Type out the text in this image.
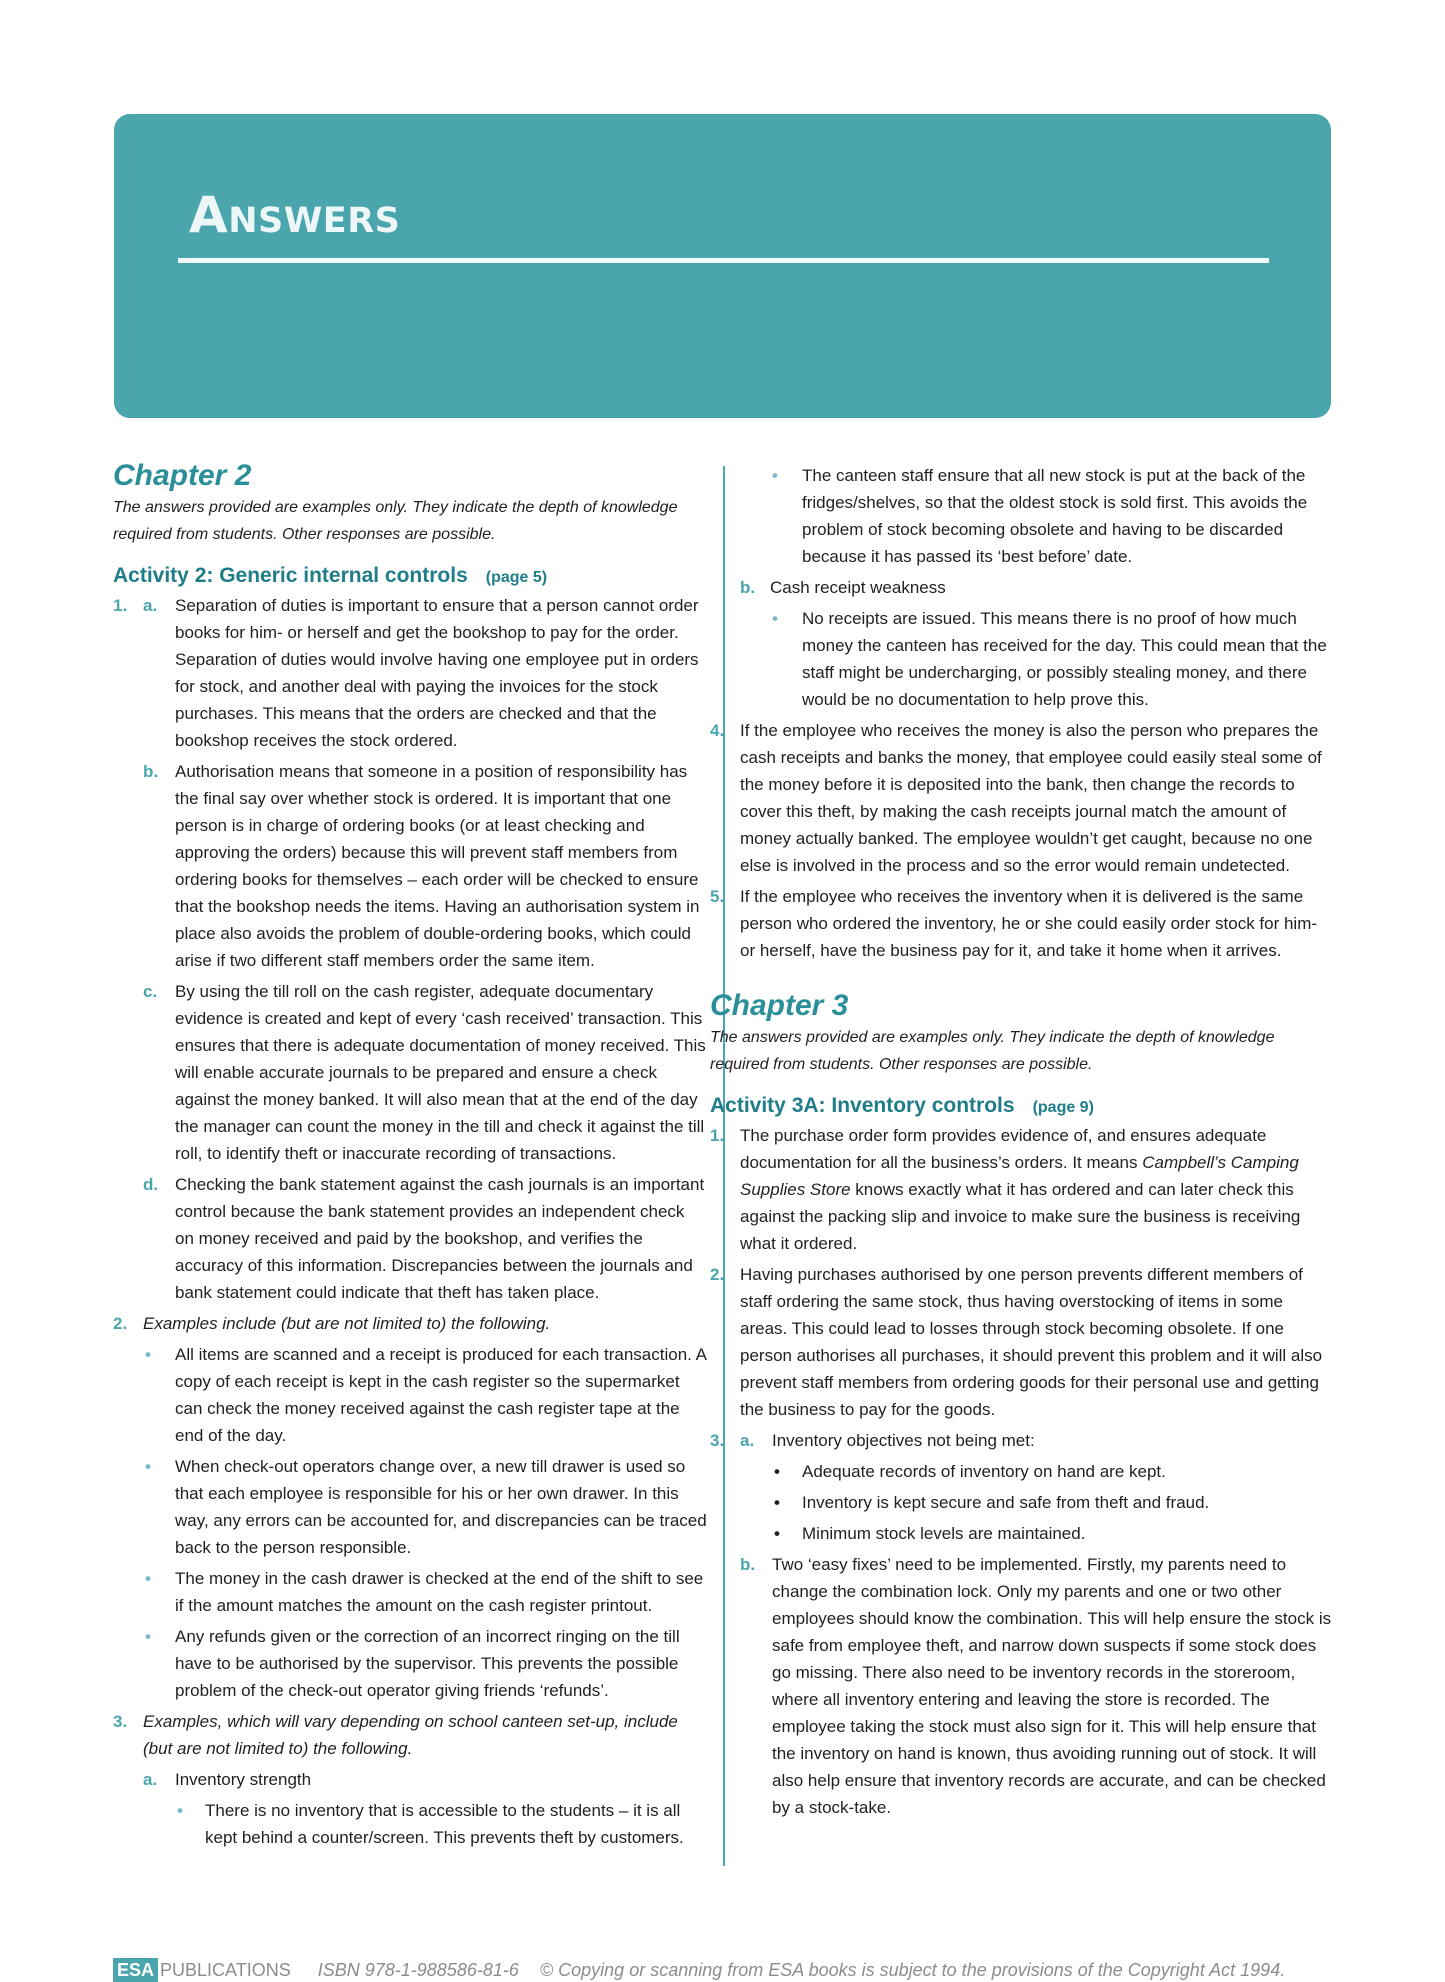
Answers
Chapter 2

The answers provided are examples only. They indicate the depth of knowledge required from students. Other responses are possible.

Activity 2: Generic internal controls (page 5)
1. a. Separation of duties is important to ensure that a person cannot order books for him- or herself and get the bookshop to pay for the order. Separation of duties would involve having one employee put in orders for stock, and another deal with paying the invoices for the stock purchases. This means that the orders are checked and that the bookshop receives the stock ordered.
b. Authorisation means that someone in a position of responsibility has the final say over whether stock is ordered. It is important that one person is in charge of ordering books (or at least checking and approving the orders) because this will prevent staff members from ordering books for themselves – each order will be checked to ensure that the bookshop needs the items. Having an authorisation system in place also avoids the problem of double-ordering books, which could arise if two different staff members order the same item.
c. By using the till roll on the cash register, adequate documentary evidence is created and kept of every ‘cash received’ transaction. This ensures that there is adequate documentation of money received. This will enable accurate journals to be prepared and ensure a check against the money banked. It will also mean that at the end of the day the manager can count the money in the till and check it against the till roll, to identify theft or inaccurate recording of transactions.
d. Checking the bank statement against the cash journals is an important control because the bank statement provides an independent check on money received and paid by the bookshop, and verifies the accuracy of this information. Discrepancies between the journals and bank statement could indicate that theft has taken place.
2. Examples include (but are not limited to) the following.
• All items are scanned and a receipt is produced for each transaction. A copy of each receipt is kept in the cash register so the supermarket can check the money received against the cash register tape at the end of the day.
• When check-out operators change over, a new till drawer is used so that each employee is responsible for his or her own drawer. In this way, any errors can be accounted for, and discrepancies can be traced back to the person responsible.
• The money in the cash drawer is checked at the end of the shift to see if the amount matches the amount on the cash register printout.
• Any refunds given or the correction of an incorrect ringing on the till have to be authorised by the supervisor. This prevents the possible problem of the check-out operator giving friends ‘refunds’.
3. Examples, which will vary depending on school canteen set-up, include (but are not limited to) the following.
a. Inventory strength
• There is no inventory that is accessible to the students – it is all kept behind a counter/screen. This prevents theft by customers.
• The canteen staff ensure that all new stock is put at the back of the fridges/shelves, so that the oldest stock is sold first. This avoids the problem of stock becoming obsolete and having to be discarded because it has passed its ‘best before’ date.
b. Cash receipt weakness
• No receipts are issued. This means there is no proof of how much money the canteen has received for the day. This could mean that the staff might be undercharging, or possibly stealing money, and there would be no documentation to help prove this.
4. If the employee who receives the money is also the person who prepares the cash receipts and banks the money, that employee could easily steal some of the money before it is deposited into the bank, then change the records to cover this theft, by making the cash receipts journal match the amount of money actually banked. The employee wouldn’t get caught, because no one else is involved in the process and so the error would remain undetected.
5. If the employee who receives the inventory when it is delivered is the same person who ordered the inventory, he or she could easily order stock for him- or herself, have the business pay for it, and take it home when it arrives.
Chapter 3

The answers provided are examples only. They indicate the depth of knowledge required from students. Other responses are possible.

Activity 3A: Inventory controls (page 9)
1. The purchase order form provides evidence of, and ensures adequate documentation for all the business’s orders. It means Campbell’s Camping Supplies Store knows exactly what it has ordered and can later check this against the packing slip and invoice to make sure the business is receiving what it ordered.
2. Having purchases authorised by one person prevents different members of staff ordering the same stock, thus having overstocking of items in some areas. This could lead to losses through stock becoming obsolete. If one person authorises all purchases, it should prevent this problem and it will also prevent staff members from ordering goods for their personal use and getting the business to pay for the goods.
3. a. Inventory objectives not being met:
• Adequate records of inventory on hand are kept.
• Inventory is kept secure and safe from theft and fraud.
• Minimum stock levels are maintained.
b. Two ‘easy fixes’ need to be implemented. Firstly, my parents need to change the combination lock. Only my parents and one or two other employees should know the combination. This will help ensure the stock is safe from employee theft, and narrow down suspects if some stock does go missing. There also need to be inventory records in the storeroom, where all inventory entering and leaving the store is recorded. The employee taking the stock must also sign for it. This will help ensure that the inventory on hand is known, thus avoiding running out of stock. It will also help ensure that inventory records are accurate, and can be checked by a stock-take.
ESA PUBLICATIONS ISBN 978-1-988586-81-6 © Copying or scanning from ESA books is subject to the provisions of the Copyright Act 1994.
